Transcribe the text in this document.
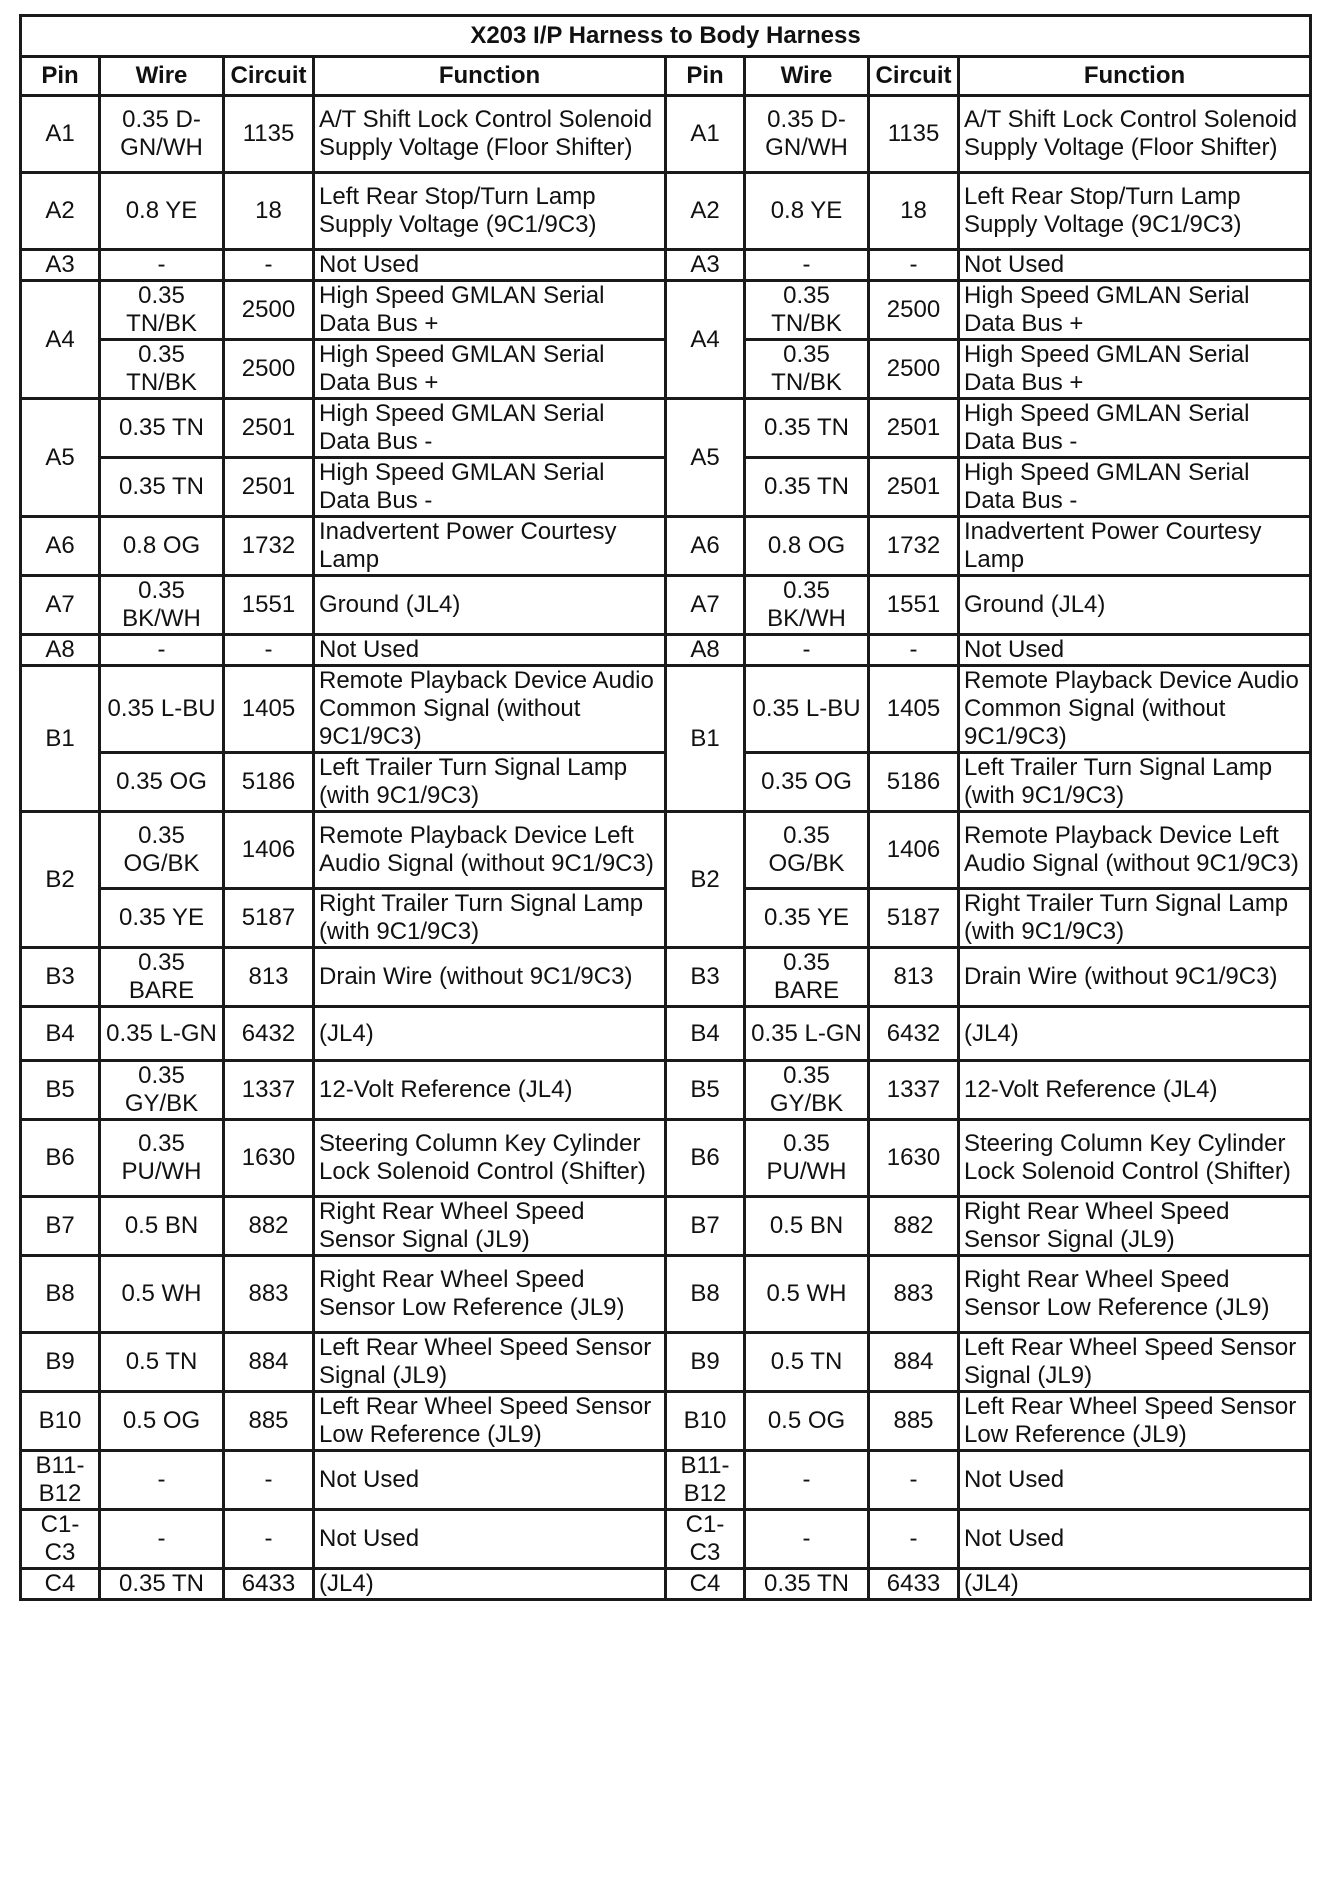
X203 I/P Harness to Body Harness							
Pin	Wire	Circuit	Function	Pin	Wire	Circuit	Function
A1	0.35 D-GN/WH	1135	A/T Shift Lock Control Solenoid Supply Voltage (Floor Shifter)	A1	0.35 D-GN/WH	1135	A/T Shift Lock Control Solenoid Supply Voltage (Floor Shifter)
A2	0.8 YE	18	Left Rear Stop/Turn Lamp Supply Voltage (9C1/9C3)	A2	0.8 YE	18	Left Rear Stop/Turn Lamp Supply Voltage (9C1/9C3)
A3	-	-	Not Used	A3	-	-	Not Used
A4	0.35 TN/BK	2500	High Speed GMLAN Serial Data Bus +	A4	0.35 TN/BK	2500	High Speed GMLAN Serial Data Bus +
	0.35 TN/BK	2500	High Speed GMLAN Serial Data Bus +		0.35 TN/BK	2500	High Speed GMLAN Serial Data Bus +
A5	0.35 TN	2501	High Speed GMLAN Serial Data Bus -	A5	0.35 TN	2501	High Speed GMLAN Serial Data Bus -
	0.35 TN	2501	High Speed GMLAN Serial Data Bus -		0.35 TN	2501	High Speed GMLAN Serial Data Bus -
A6	0.8 OG	1732	Inadvertent Power Courtesy Lamp	A6	0.8 OG	1732	Inadvertent Power Courtesy Lamp
A7	0.35 BK/WH	1551	Ground (JL4)	A7	0.35 BK/WH	1551	Ground (JL4)
A8	-	-	Not Used	A8	-	-	Not Used
B1	0.35 L-BU	1405	Remote Playback Device Audio Common Signal (without 9C1/9C3)	B1	0.35 L-BU	1405	Remote Playback Device Audio Common Signal (without 9C1/9C3)
	0.35 OG	5186	Left Trailer Turn Signal Lamp (with 9C1/9C3)		0.35 OG	5186	Left Trailer Turn Signal Lamp (with 9C1/9C3)
B2	0.35 OG/BK	1406	Remote Playback Device Left Audio Signal (without 9C1/9C3)	B2	0.35 OG/BK	1406	Remote Playback Device Left Audio Signal (without 9C1/9C3)
	0.35 YE	5187	Right Trailer Turn Signal Lamp (with 9C1/9C3)		0.35 YE	5187	Right Trailer Turn Signal Lamp (with 9C1/9C3)
B3	0.35 BARE	813	Drain Wire (without 9C1/9C3)	B3	0.35 BARE	813	Drain Wire (without 9C1/9C3)
B4	0.35 L-GN	6432	(JL4)	B4	0.35 L-GN	6432	(JL4)
B5	0.35 GY/BK	1337	12-Volt Reference (JL4)	B5	0.35 GY/BK	1337	12-Volt Reference (JL4)
B6	0.35 PU/WH	1630	Steering Column Key Cylinder Lock Solenoid Control (Shifter)	B6	0.35 PU/WH	1630	Steering Column Key Cylinder Lock Solenoid Control (Shifter)
B7	0.5 BN	882	Right Rear Wheel Speed Sensor Signal (JL9)	B7	0.5 BN	882	Right Rear Wheel Speed Sensor Signal (JL9)
B8	0.5 WH	883	Right Rear Wheel Speed Sensor Low Reference (JL9)	B8	0.5 WH	883	Right Rear Wheel Speed Sensor Low Reference (JL9)
B9	0.5 TN	884	Left Rear Wheel Speed Sensor Signal (JL9)	B9	0.5 TN	884	Left Rear Wheel Speed Sensor Signal (JL9)
B10	0.5 OG	885	Left Rear Wheel Speed Sensor Low Reference (JL9)	B10	0.5 OG	885	Left Rear Wheel Speed Sensor Low Reference (JL9)
B11-B12	-	-	Not Used	B11-B12	-	-	Not Used
C1-C3	-	-	Not Used	C1-C3	-	-	Not Used
C4	0.35 TN	6433	(JL4)	C4	0.35 TN	6433	(JL4)
